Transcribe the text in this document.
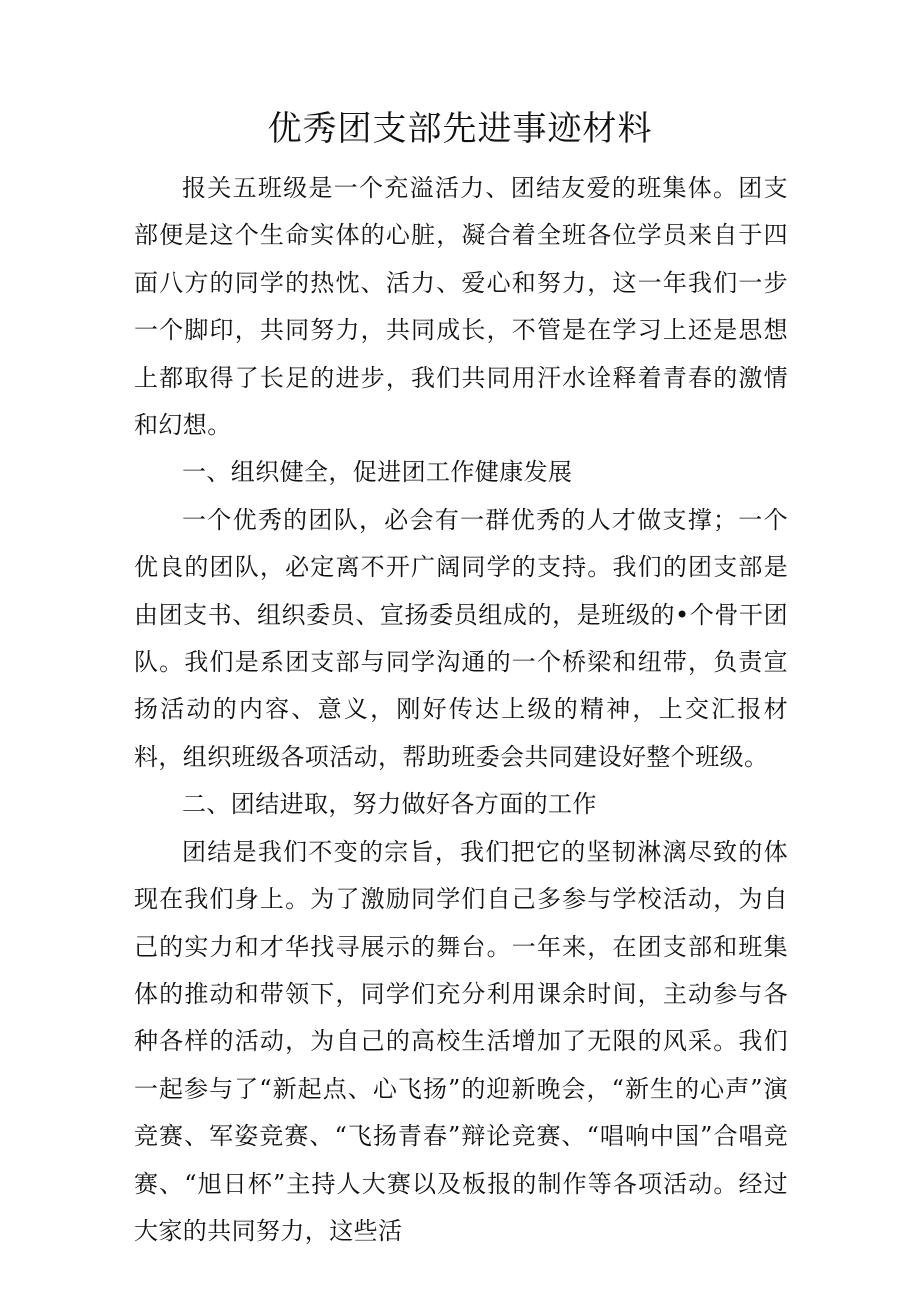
优秀团支部先进事迹材料

报关五班级是一个充溢活力、团结友爱的班集体。团支部便是这个生命实体的心脏，凝合着全班各位学员来自于四面八方的同学的热忱、活力、爱心和努力，这一年我们一步一个脚印，共同努力，共同成长，不管是在学习上还是思想上都取得了长足的进步，我们共同用汗水诠释着青春的激情和幻想。

一、组织健全，促进团工作健康发展

一个优秀的团队，必会有一群优秀的人才做支撑；一个优良的团队，必定离不开广阔同学的支持。我们的团支部是由团支书、组织委员、宣扬委员组成的，是班级的•个骨干团队。我们是系团支部与同学沟通的一个桥梁和纽带，负责宣扬活动的内容、意义，刚好传达上级的精神，上交汇报材料，组织班级各项活动，帮助班委会共同建设好整个班级。

二、团结进取，努力做好各方面的工作

团结是我们不变的宗旨，我们把它的坚韧淋漓尽致的体现在我们身上。为了激励同学们自己多参与学校活动，为自己的实力和才华找寻展示的舞台。一年来，在团支部和班集体的推动和带领下，同学们充分利用课余时间，主动参与各种各样的活动，为自己的高校生活增加了无限的风采。我们一起参与了“新起点、心飞扬”的迎新晚会，“新生的心声”演竞赛、军姿竞赛、“飞扬青春”辩论竞赛、“唱响中国”合唱竞赛、“旭日杯”主持人大赛以及板报的制作等各项活动。经过大家的共同努力，这些活
